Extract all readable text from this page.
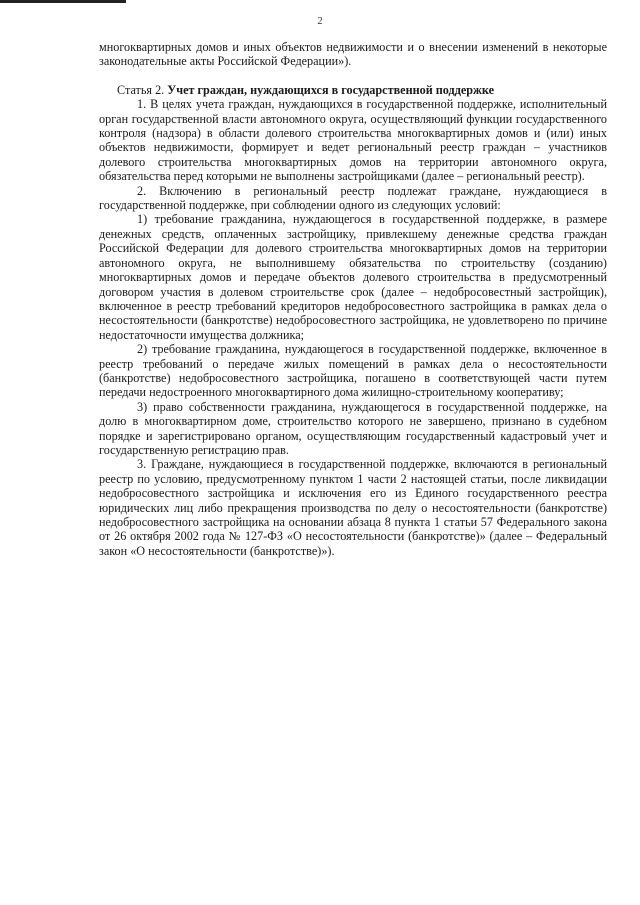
2

многоквартирных домов и иных объектов недвижимости и о внесении изменений в некоторые законодательные акты Российской Федерации»).

Статья 2. Учет граждан, нуждающихся в государственной поддержке

1. В целях учета граждан, нуждающихся в государственной поддержке, исполнительный орган государственной власти автономного округа, осуществляющий функции государственного контроля (надзора) в области долевого строительства многоквартирных домов и (или) иных объектов недвижимости, формирует и ведет региональный реестр граждан – участников долевого строительства многоквартирных домов на территории автономного округа, обязательства перед которыми не выполнены застройщиками (далее – региональный реестр).

2. Включению в региональный реестр подлежат граждане, нуждающиеся в государственной поддержке, при соблюдении одного из следующих условий:

1) требование гражданина, нуждающегося в государственной поддержке, в размере денежных средств, оплаченных застройщику, привлекшему денежные средства граждан Российской Федерации для долевого строительства многоквартирных домов на территории автономного округа, не выполнившему обязательства по строительству (созданию) многоквартирных домов и передаче объектов долевого строительства в предусмотренный договором участия в долевом строительстве срок (далее – недобросовестный застройщик), включенное в реестр требований кредиторов недобросовестного застройщика в рамках дела о несостоятельности (банкротстве) недобросовестного застройщика, не удовлетворено по причине недостаточности имущества должника;

2) требование гражданина, нуждающегося в государственной поддержке, включенное в реестр требований о передаче жилых помещений в рамках дела о несостоятельности (банкротстве) недобросовестного застройщика, погашено в соответствующей части путем передачи недостроенного многоквартирного дома жилищно-строительному кооперативу;

3) право собственности гражданина, нуждающегося в государственной поддержке, на долю в многоквартирном доме, строительство которого не завершено, признано в судебном порядке и зарегистрировано органом, осуществляющим государственный кадастровый учет и государственную регистрацию прав.

3. Граждане, нуждающиеся в государственной поддержке, включаются в региональный реестр по условию, предусмотренному пунктом 1 части 2 настоящей статьи, после ликвидации недобросовестного застройщика и исключения его из Единого государственного реестра юридических лиц либо прекращения производства по делу о несостоятельности (банкротстве) недобросовестного застройщика на основании абзаца 8 пункта 1 статьи 57 Федерального закона от 26 октября 2002 года № 127-ФЗ «О несостоятельности (банкротстве)» (далее – Федеральный закон «О несостоятельности (банкротстве)»).
